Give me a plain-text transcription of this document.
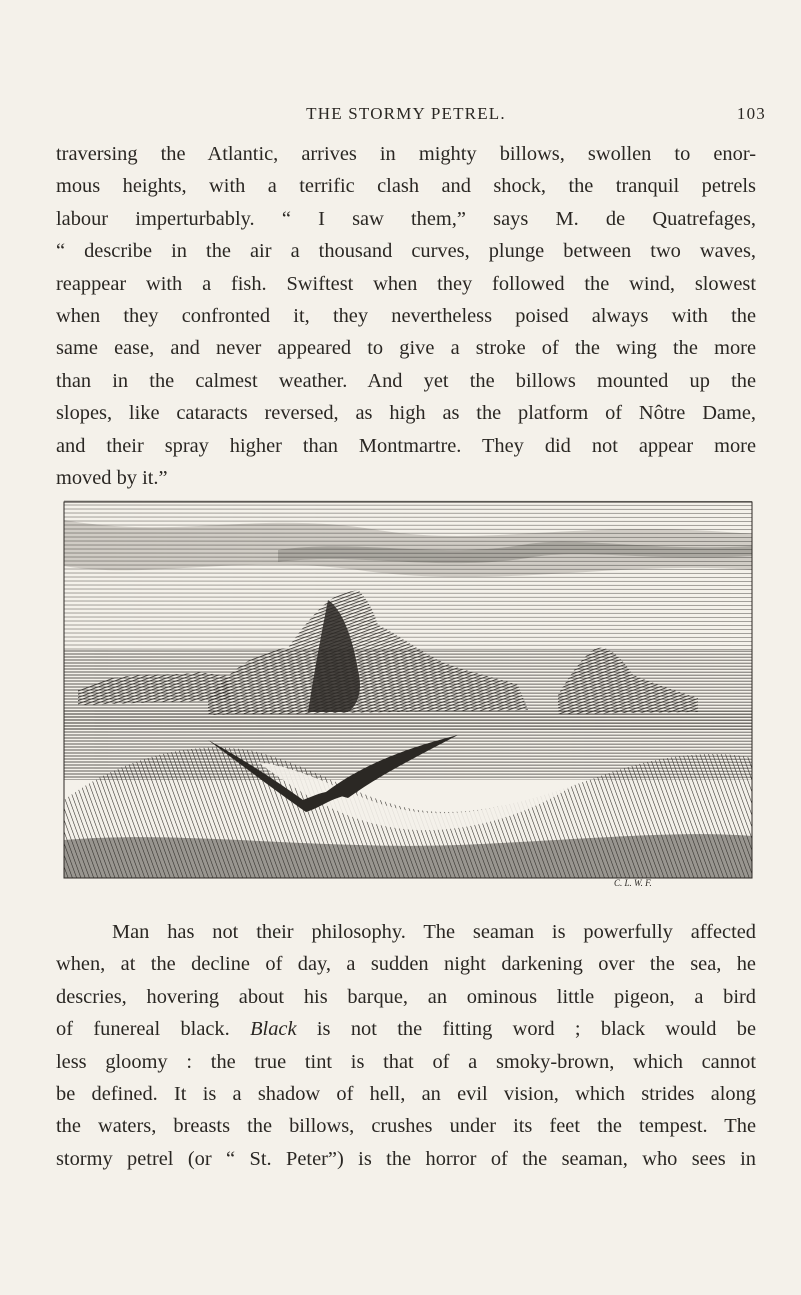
THE STORMY PETREL.	103
traversing the Atlantic, arrives in mighty billows, swollen to enor-
mous heights, with a terrific clash and shock, the tranquil petrels
labour imperturbably. “ I saw them,” says M. de Quatrefages,
“ describe in the air a thousand curves, plunge between two waves,
reappear with a fish. Swiftest when they followed the wind, slowest
when they confronted it, they nevertheless poised always with the
same ease, and never appeared to give a stroke of the wing the more
than in the calmest weather. And yet the billows mounted up the
slopes, like cataracts reversed, as high as the platform of Nôtre Dame,
and their spray higher than Montmartre. They did not appear more
moved by it.”
C. L. W. F.
Man has not their philosophy. The seaman is powerfully affected
when, at the decline of day, a sudden night darkening over the sea, he
descries, hovering about his barque, an ominous little pigeon, a bird
of funereal black. Black is not the fitting word ; black would be
less gloomy : the true tint is that of a smoky-brown, which cannot
be defined. It is a shadow of hell, an evil vision, which strides along
the waters, breasts the billows, crushes under its feet the tempest. The
stormy petrel (or “ St. Peter”) is the horror of the seaman, who sees in
